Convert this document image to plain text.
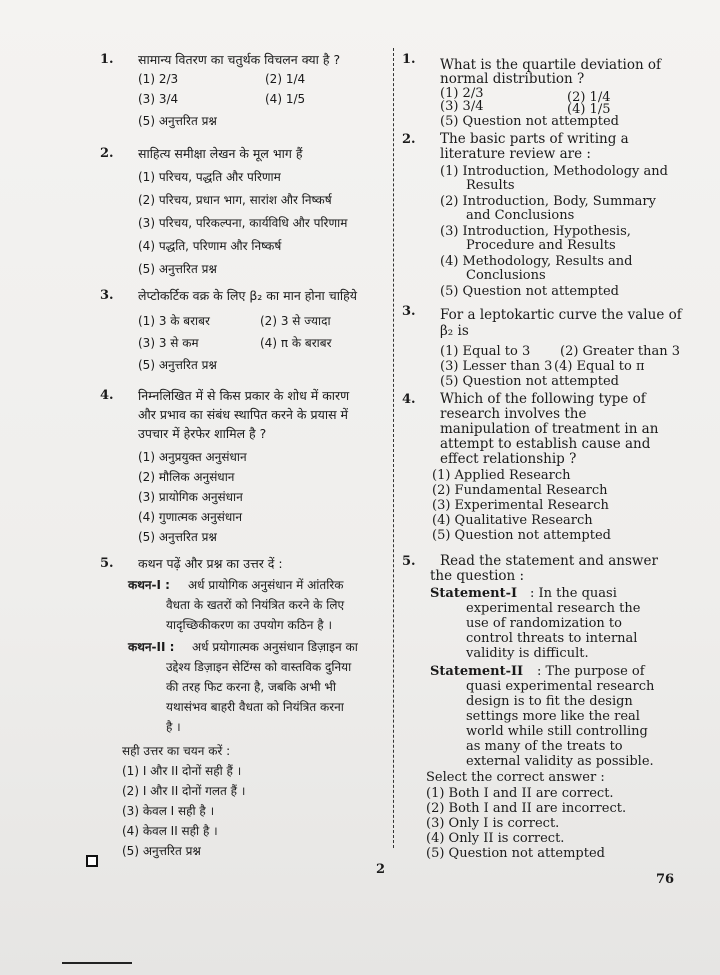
1. सामान्य वितरण का चतुर्थक विचलन क्या है ?
(1) 2/3	(2) 1/4
(3) 3/4	(4) 1/5
(5) अनुत्तरित प्रश्न
2. साहित्य समीक्षा लेखन के मूल भाग हैं
(1) परिचय, पद्धति और परिणाम
(2) परिचय, प्रधान भाग, सारांश और निष्कर्ष
(3) परिचय, परिकल्पना, कार्यविधि और परिणाम
(4) पद्धति, परिणाम और निष्कर्ष
(5) अनुत्तरित प्रश्न
3. लेप्टोकर्टिक वक्र के लिए β₂ का मान होना चाहिये
(1) 3 के बराबर	(2) 3 से ज्यादा
(3) 3 से कम	(4) π के बराबर
(5) अनुत्तरित प्रश्न
4. निम्नलिखित में से किस प्रकार के शोध में कारण
और प्रभाव का संबंध स्थापित करने के प्रयास में
उपचार में हेरफेर शामिल है ?
(1) अनुप्रयुक्त अनुसंधान
(2) मौलिक अनुसंधान
(3) प्रायोगिक अनुसंधान
(4) गुणात्मक अनुसंधान
(5) अनुत्तरित प्रश्न
5. कथन पढ़ें और प्रश्न का उत्तर दें :
कथन-I : अर्ध प्रायोगिक अनुसंधान में आंतरिक
वैधता के खतरों को नियंत्रित करने के लिए
यादृच्छिकीकरण का उपयोग कठिन है ।
कथन-II : अर्ध प्रयोगात्मक अनुसंधान डिज़ाइन का
उद्देश्य डिज़ाइन सेटिंग्स को वास्तविक दुनिया
की तरह फिट करना है, जबकि अभी भी
यथासंभव बाहरी वैधता को नियंत्रित करना
है ।
सही उत्तर का चयन करें :
(1) I और II दोनों सही हैं ।
(2) I और II दोनों गलत हैं ।
(3) केवल I सही है ।
(4) केवल II सही है ।
(5) अनुत्तरित प्रश्न
1. What is the quartile deviation of
normal distribution ?
(1) 2/3	(2) 1/4
(3) 3/4	(4) 1/5
(5) Question not attempted
2. The basic parts of writing a
literature review are :
(1) Introduction, Methodology and
Results
(2) Introduction, Body, Summary
and Conclusions
(3) Introduction, Hypothesis,
Procedure and Results
(4) Methodology, Results and
Conclusions
(5) Question not attempted
3. For a leptokartic curve the value of
β₂ is
(1) Equal to 3 (2) Greater than 3
(3) Lesser than 3 (4) Equal to π
(5) Question not attempted
4. Which of the following type of
research involves the
manipulation of treatment in an
attempt to establish cause and
effect relationship ?
(1) Applied Research
(2) Fundamental Research
(3) Experimental Research
(4) Qualitative Research
(5) Question not attempted
5. Read the statement and answer
the question :
Statement-I : In the quasi
experimental research the
use of randomization to
control threats to internal
validity is difficult.
Statement-II : The purpose of
quasi experimental research
design is to fit the design
settings more like the real
world while still controlling
as many of the treats to
external validity as possible.
Select the correct answer :
(1) Both I and II are correct.
(2) Both I and II are incorrect.
(3) Only I is correct.
(4) Only II is correct.
(5) Question not attempted
2
76
